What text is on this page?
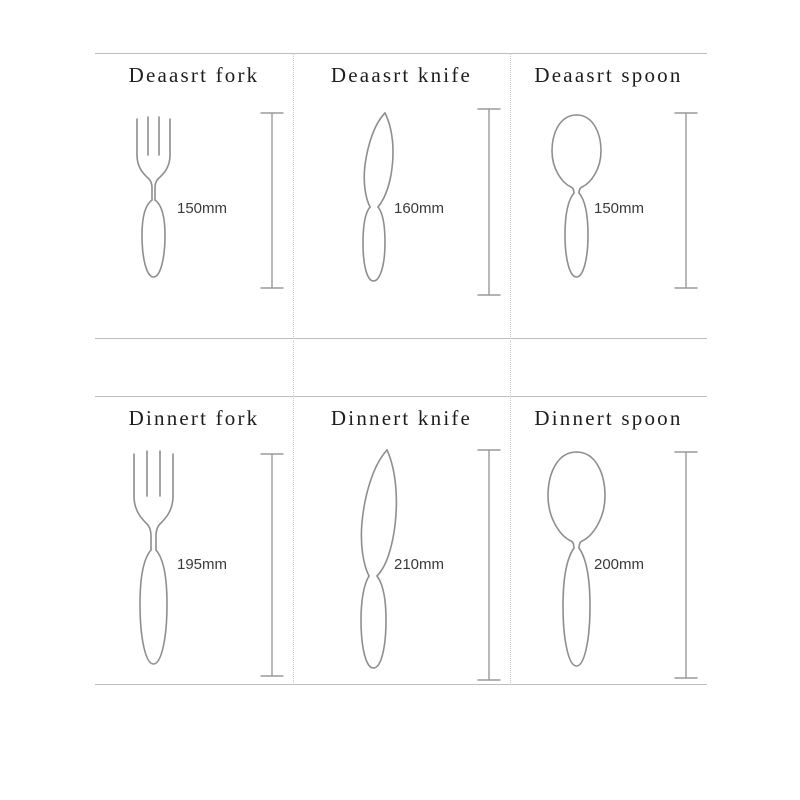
Deaasrt fork
150mm
Deaasrt knife
160mm
Deaasrt spoon
150mm
Dinnert fork
195mm
Dinnert knife
210mm
Dinnert spoon
200mm
